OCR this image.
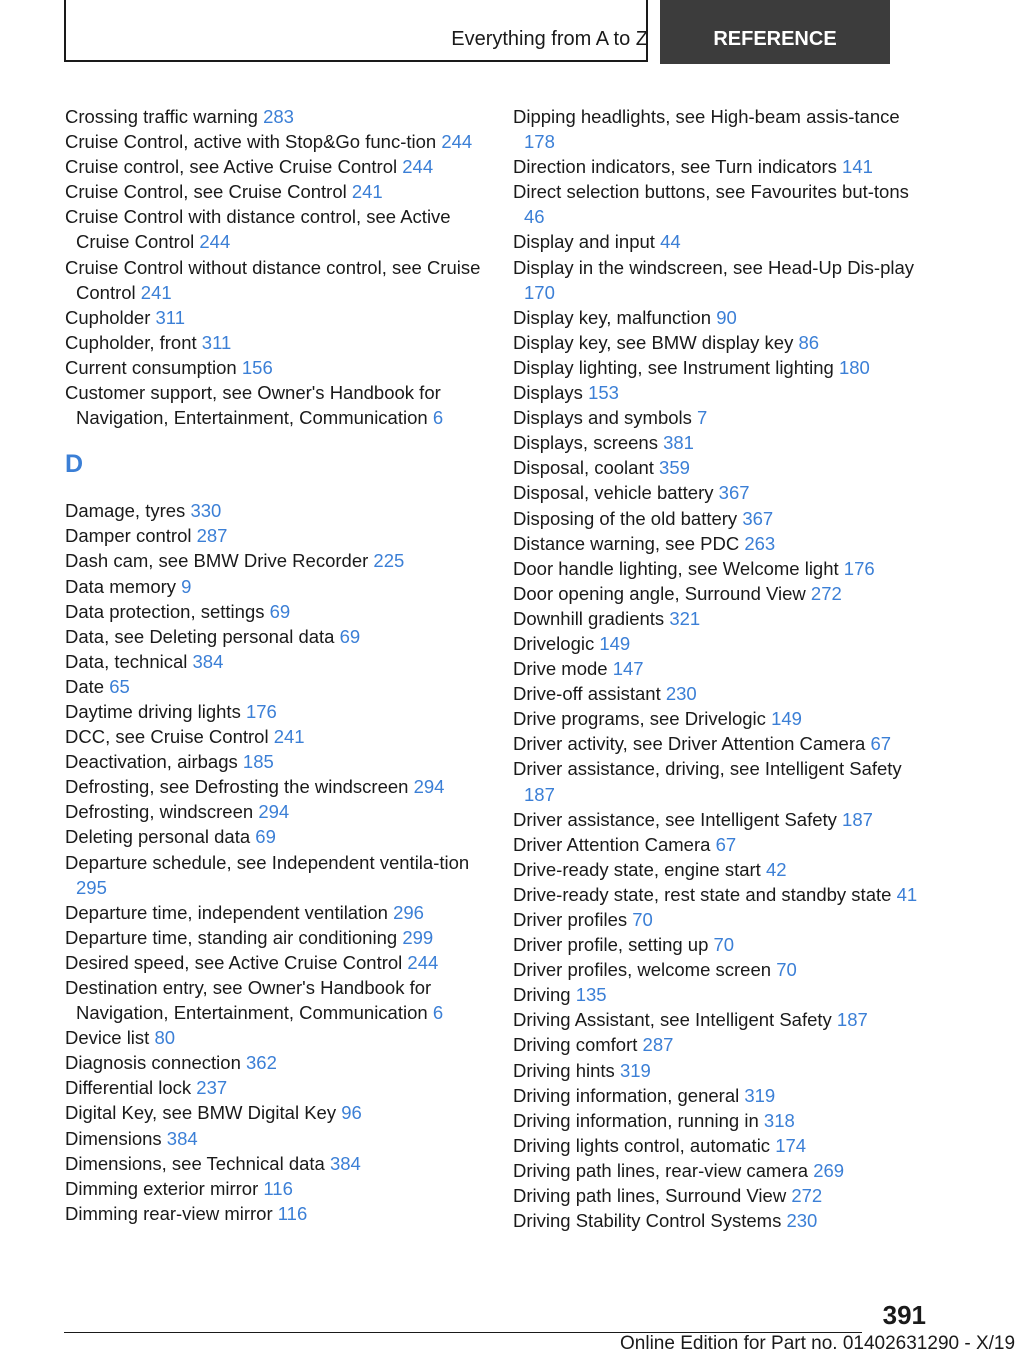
Everything from A to Z	REFERENCE
Crossing traffic warning 283
Cruise Control, active with Stop&Go func-tion 244
Cruise control, see Active Cruise Control 244
Cruise Control, see Cruise Control 241
Cruise Control with distance control, see Active Cruise Control 244
Cruise Control without distance control, see Cruise Control 241
Cupholder 311
Cupholder, front 311
Current consumption 156
Customer support, see Owner's Handbook for Navigation, Entertainment, Communication 6
D
Damage, tyres 330
Damper control 287
Dash cam, see BMW Drive Recorder 225
Data memory 9
Data protection, settings 69
Data, see Deleting personal data 69
Data, technical 384
Date 65
Daytime driving lights 176
DCC, see Cruise Control 241
Deactivation, airbags 185
Defrosting, see Defrosting the windscreen 294
Defrosting, windscreen 294
Deleting personal data 69
Departure schedule, see Independent ventila-tion 295
Departure time, independent ventilation 296
Departure time, standing air conditioning 299
Desired speed, see Active Cruise Control 244
Destination entry, see Owner's Handbook for Navigation, Entertainment, Communication 6
Device list 80
Diagnosis connection 362
Differential lock 237
Digital Key, see BMW Digital Key 96
Dimensions 384
Dimensions, see Technical data 384
Dimming exterior mirror 116
Dimming rear-view mirror 116
Dipping headlights, see High-beam assis-tance 178
Direction indicators, see Turn indicators 141
Direct selection buttons, see Favourites but-tons 46
Display and input 44
Display in the windscreen, see Head-Up Dis-play 170
Display key, malfunction 90
Display key, see BMW display key 86
Display lighting, see Instrument lighting 180
Displays 153
Displays and symbols 7
Displays, screens 381
Disposal, coolant 359
Disposal, vehicle battery 367
Disposing of the old battery 367
Distance warning, see PDC 263
Door handle lighting, see Welcome light 176
Door opening angle, Surround View 272
Downhill gradients 321
Drivelogic 149
Drive mode 147
Drive-off assistant 230
Drive programs, see Drivelogic 149
Driver activity, see Driver Attention Camera 67
Driver assistance, driving, see Intelligent Safety 187
Driver assistance, see Intelligent Safety 187
Driver Attention Camera 67
Drive-ready state, engine start 42
Drive-ready state, rest state and standby state 41
Driver profiles 70
Driver profile, setting up 70
Driver profiles, welcome screen 70
Driving 135
Driving Assistant, see Intelligent Safety 187
Driving comfort 287
Driving hints 319
Driving information, general 319
Driving information, running in 318
Driving lights control, automatic 174
Driving path lines, rear-view camera 269
Driving path lines, Surround View 272
Driving Stability Control Systems 230
391
Online Edition for Part no. 01402631290 - X/19
